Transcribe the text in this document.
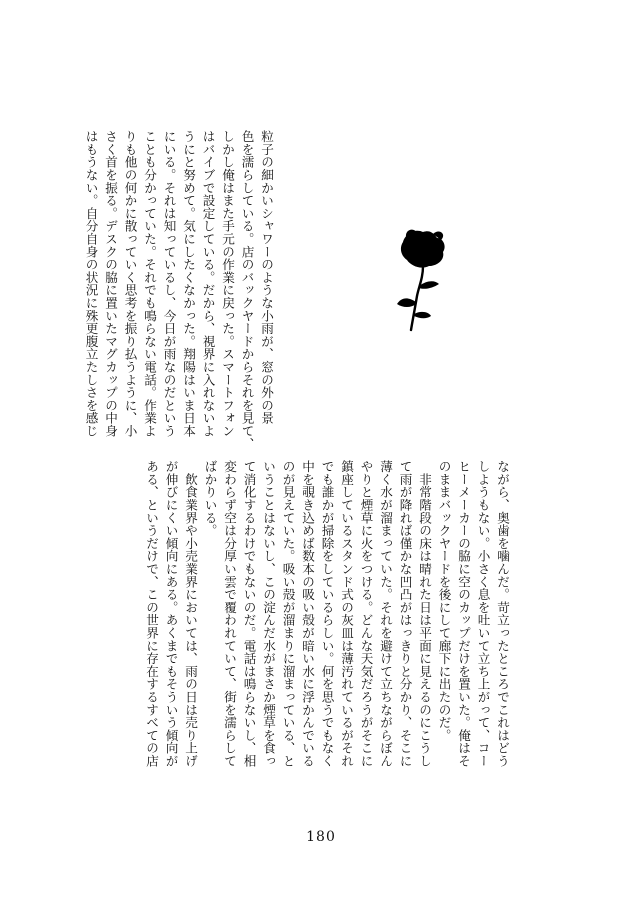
粒子の細かいシャワーのような小雨が、窓の外の景

色を濡らしている。店のバックヤードからそれを見て、

しかし俺はまた手元の作業に戻った。スマートフォン

はバイブで設定している。だから、視界に入れないよ

うにと努めて。気にしたくなかった。翔陽はいま日本

にいる。それは知っているし、今日が雨なのだという

ことも分かっていた。それでも鳴らない電話。作業よ

りも他の何かに散っていく思考を振り払うように、小

さく首を振る。デスクの脇に置いたマグカップの中身

はもうない。自分自身の状況に殊更腹立たしさを感じ

ながら、奥歯を噛んだ。苛立ったところでこれはどう

しようもない。小さく息を吐いて立ち上がって、コー

ヒーメーカーの脇に空のカップだけを置いた。俺はそ

のままバックヤードを後にして廊下に出たのだ。

　非常階段の床は晴れた日は平面に見えるのにこうし

て雨が降れば僅かな凹凸がはっきりと分かり、そこに

薄く水が溜まっていた。それを避けて立ちながらぼん

やりと煙草に火をつける。どんな天気だろうがそこに

鎮座しているスタンド式の灰皿は薄汚れているがそれ

でも誰かが掃除をしているらしい。何を思うでもなく

中を覗き込めば数本の吸い殻が暗い水に浮かんでいる

のが見えていた。吸い殻が溜まりに溜まっている、と

いうことはないし、この淀んだ水がまさか煙草を食っ

て消化するわけでもないのだ。電話は鳴らないし、相

変わらず空は分厚い雲で覆われていて、街を濡らして

ばかりいる。

　飲食業界や小売業界においては、雨の日は売り上げ

が伸びにくい傾向にある。あくまでもそういう傾向が

ある、というだけで、この世界に存在するすべての店

180
